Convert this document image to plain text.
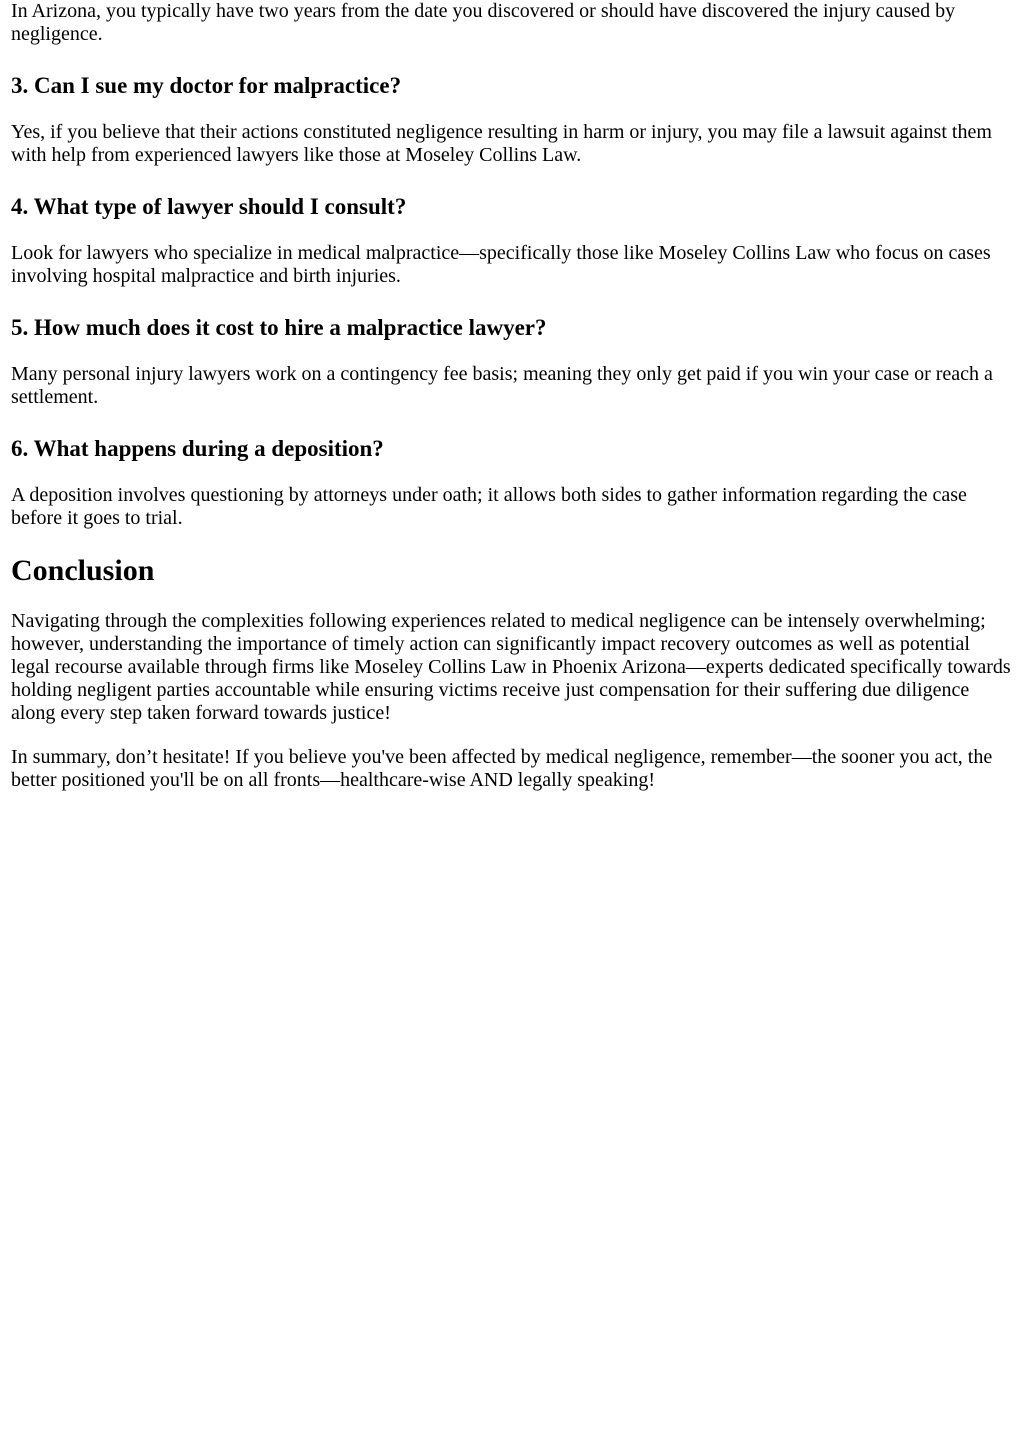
In Arizona, you typically have two years from the date you discovered or should have discovered the injury caused by negligence.

3. Can I sue my doctor for malpractice?

Yes, if you believe that their actions constituted negligence resulting in harm or injury, you may file a lawsuit against them with help from experienced lawyers like those at Moseley Collins Law.

4. What type of lawyer should I consult?

Look for lawyers who specialize in medical malpractice—specifically those like Moseley Collins Law who focus on cases involving hospital malpractice and birth injuries.

5. How much does it cost to hire a malpractice lawyer?

Many personal injury lawyers work on a contingency fee basis; meaning they only get paid if you win your case or reach a settlement.

6. What happens during a deposition?

A deposition involves questioning by attorneys under oath; it allows both sides to gather information regarding the case before it goes to trial.

Conclusion

Navigating through the complexities following experiences related to medical negligence can be intensely overwhelming; however, understanding the importance of timely action can significantly impact recovery outcomes as well as potential legal recourse available through firms like Moseley Collins Law in Phoenix Arizona—experts dedicated specifically towards holding negligent parties accountable while ensuring victims receive just compensation for their suffering due diligence along every step taken forward towards justice!

In summary, don’t hesitate! If you believe you've been affected by medical negligence, remember—the sooner you act, the better positioned you'll be on all fronts—healthcare-wise AND legally speaking!
